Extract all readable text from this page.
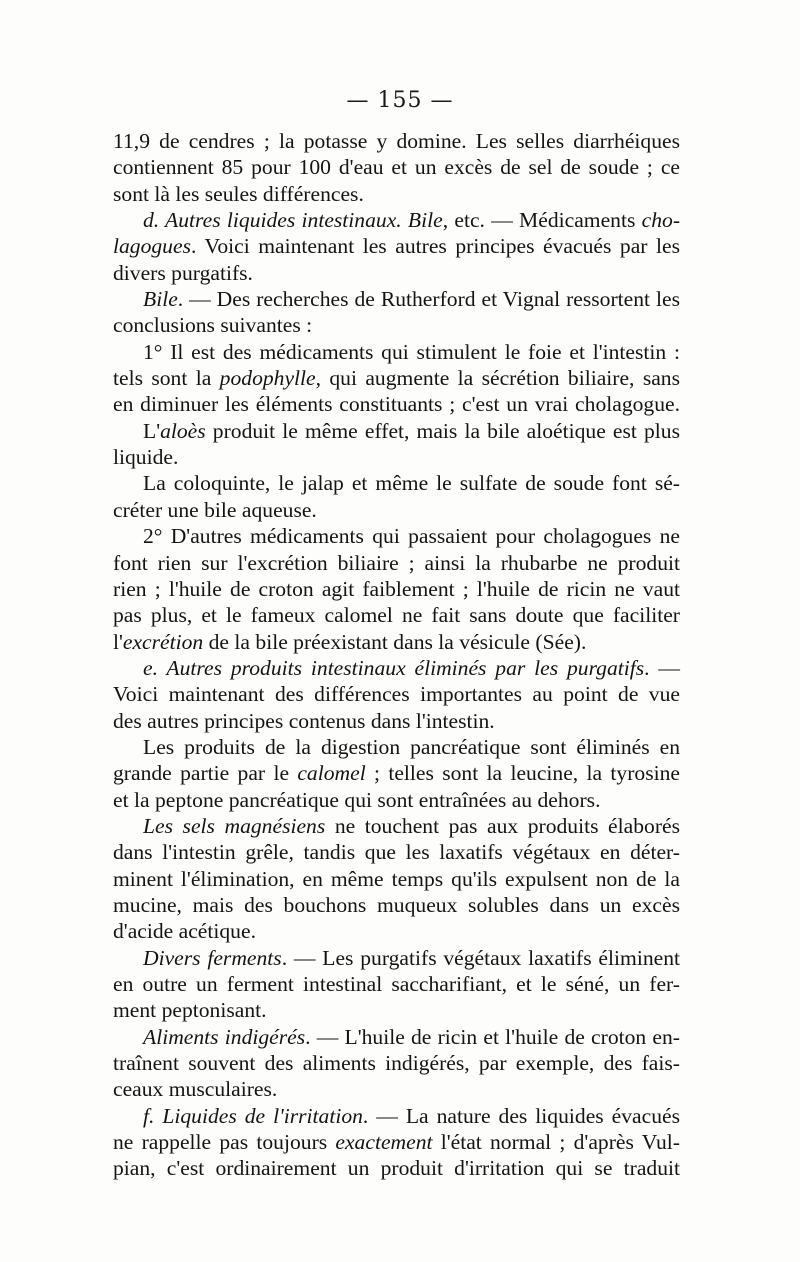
— 155 —
11,9 de cendres ; la potasse y domine. Les selles diarrhéiques
contiennent 85 pour 100 d'eau et un excès de sel de soude ; ce
sont là les seules différences.
d. Autres liquides intestinaux. Bile, etc. — Médicaments cho-
lagogues. Voici maintenant les autres principes évacués par les
divers purgatifs.
Bile. — Des recherches de Rutherford et Vignal ressortent les
conclusions suivantes :
1° Il est des médicaments qui stimulent le foie et l'intestin :
tels sont la podophylle, qui augmente la sécrétion biliaire, sans
en diminuer les éléments constituants ; c'est un vrai cholagogue.
L'aloès produit le même effet, mais la bile aloétique est plus
liquide.
La coloquinte, le jalap et même le sulfate de soude font sé-
créter une bile aqueuse.
2° D'autres médicaments qui passaient pour cholagogues ne
font rien sur l'excrétion biliaire ; ainsi la rhubarbe ne produit
rien ; l'huile de croton agit faiblement ; l'huile de ricin ne vaut
pas plus, et le fameux calomel ne fait sans doute que faciliter
l'excrétion de la bile préexistant dans la vésicule (Sée).
e. Autres produits intestinaux éliminés par les purgatifs. —
Voici maintenant des différences importantes au point de vue
des autres principes contenus dans l'intestin.
Les produits de la digestion pancréatique sont éliminés en
grande partie par le calomel ; telles sont la leucine, la tyrosine
et la peptone pancréatique qui sont entraînées au dehors.
Les sels magnésiens ne touchent pas aux produits élaborés
dans l'intestin grêle, tandis que les laxatifs végétaux en déter-
minent l'élimination, en même temps qu'ils expulsent non de la
mucine, mais des bouchons muqueux solubles dans un excès
d'acide acétique.
Divers ferments. — Les purgatifs végétaux laxatifs éliminent
en outre un ferment intestinal saccharifiant, et le séné, un fer-
ment peptonisant.
Aliments indigérés. — L'huile de ricin et l'huile de croton en-
traînent souvent des aliments indigérés, par exemple, des fais-
ceaux musculaires.
f. Liquides de l'irritation. — La nature des liquides évacués
ne rappelle pas toujours exactement l'état normal ; d'après Vul-
pian, c'est ordinairement un produit d'irritation qui se traduit
